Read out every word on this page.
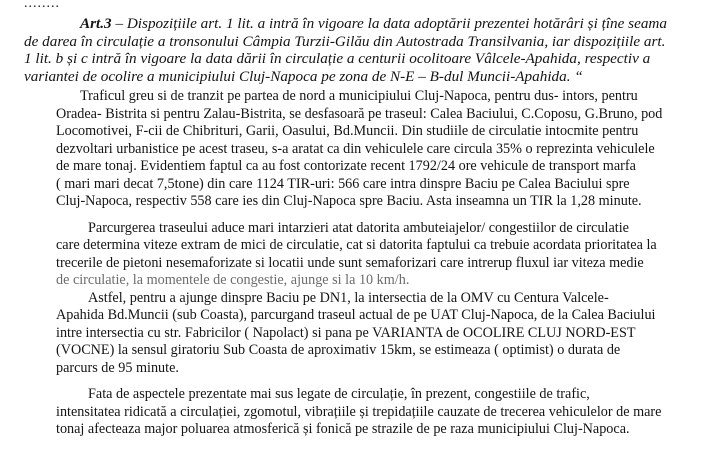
........
Art.3 – Dispozițiile art. 1 lit. a intră în vigoare la data adoptării prezentei hotărâri și țîne seama
de darea în circulație a tronsonului Câmpia Turzii-Gilău din Autostrada Transilvania, iar dispozițiile art.
1 lit. b și c intră în vigoare la data dării în circulație a centurii ocolitoare Vâlcele-Apahida, respectiv a
variantei de ocolire a municipiului Cluj-Napoca pe zona de N-E – B-dul Muncii-Apahida. “
Traficul greu si de tranzit pe partea de nord a municipiului Cluj-Napoca, pentru dus- intors, pentru
Oradea- Bistrita si pentru Zalau-Bistrita, se desfasoară pe traseul: Calea Baciului, C.Coposu, G.Bruno, pod
Locomotivei, F-cii de Chibrituri, Garii, Oasului, Bd.Muncii. Din studiile de circulatie intocmite pentru
dezvoltari urbanistice pe acest traseu, s-a aratat ca din vehiculele care circula 35% o reprezinta vehiculele
de mare tonaj. Evidentiem faptul ca au fost contorizate recent 1792/24 ore vehicule de transport marfa
( mari mari decat 7,5tone) din care 1124 TIR-uri: 566 care intra dinspre Baciu pe Calea Baciului spre
Cluj-Napoca, respectiv 558 care ies din Cluj-Napoca spre Baciu. Asta inseamna un TIR la 1,28 minute.
Parcurgerea traseului aduce mari intarzieri atat datorita ambuteiajelor/ congestiilor de circulatie
care determina viteze extram de mici de circulatie, cat si datorita faptului ca trebuie acordata prioritatea la
trecerile de pietoni nesemaforizate si locatii unde sunt semaforizari care intrerup fluxul iar viteza medie
de circulatie, la momentele de congestie, ajunge si la 10 km/h.
Astfel, pentru a ajunge dinspre Baciu pe DN1, la intersectia de la OMV cu Centura Valcele-
Apahida Bd.Muncii (sub Coasta), parcurgand traseul actual de pe UAT Cluj-Napoca, de la Calea Baciului
intre intersectia cu str. Fabricilor ( Napolact) si pana pe VARIANTA de OCOLIRE CLUJ NORD-EST
(VOCNE) la sensul giratoriu Sub Coasta de aproximativ 15km, se estimeaza ( optimist) o durata de
parcurs de 95 minute.
Fata de aspectele prezentate mai sus legate de circulație, în prezent, congestiile de trafic,
intensitatea ridicată a circulației, zgomotul, vibrațiile și trepidațiile cauzate de trecerea vehiculelor de mare
tonaj afecteaza major poluarea atmosferică și fonică pe strazile de pe raza municipiului Cluj-Napoca.
